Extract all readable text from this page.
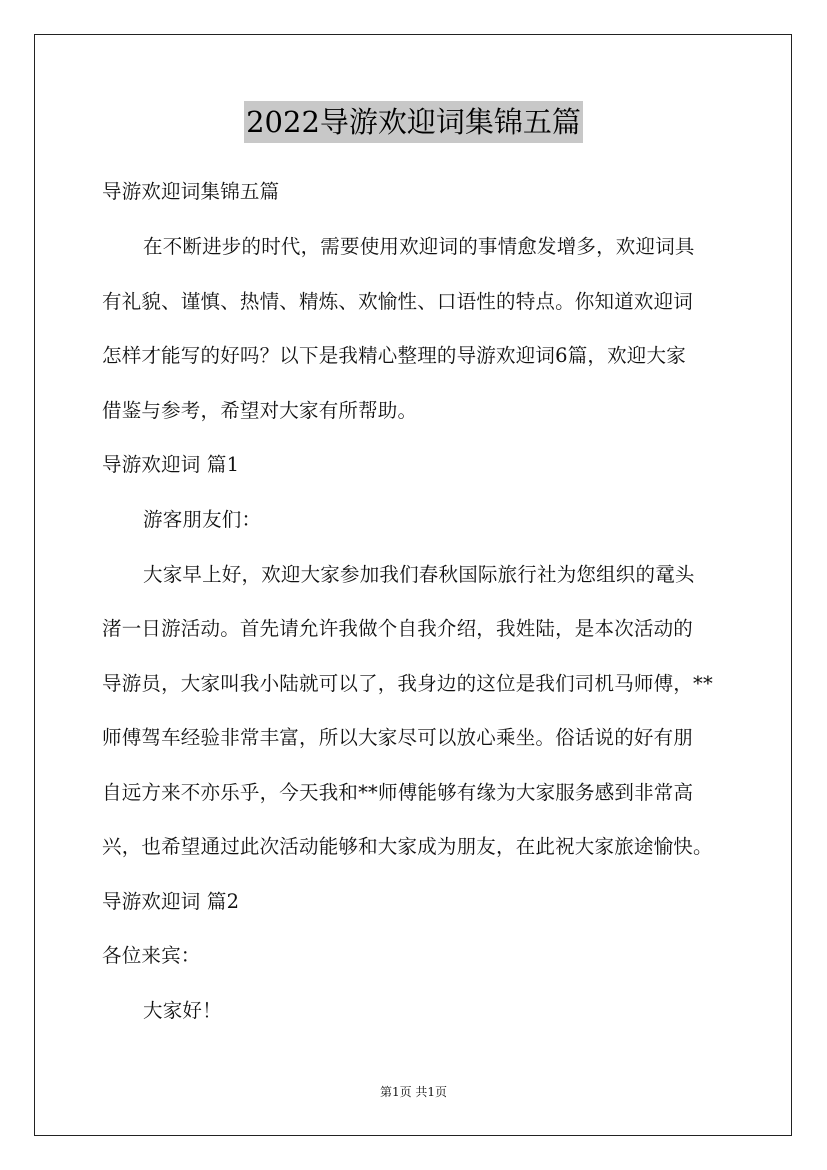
2022导游欢迎词集锦五篇
导游欢迎词集锦五篇
在不断进步的时代，需要使用欢迎词的事情愈发增多，欢迎词具
有礼貌、谨慎、热情、精炼、欢愉性、口语性的特点。你知道欢迎词
怎样才能写的好吗？以下是我精心整理的导游欢迎词6篇，欢迎大家
借鉴与参考，希望对大家有所帮助。
导游欢迎词 篇1
游客朋友们：
大家早上好，欢迎大家参加我们春秋国际旅行社为您组织的鼋头
渚一日游活动。首先请允许我做个自我介绍，我姓陆，是本次活动的
导游员，大家叫我小陆就可以了，我身边的这位是我们司机马师傅，**
师傅驾车经验非常丰富，所以大家尽可以放心乘坐。俗话说的好有朋
自远方来不亦乐乎，今天我和**师傅能够有缘为大家服务感到非常高
兴，也希望通过此次活动能够和大家成为朋友，在此祝大家旅途愉快。
导游欢迎词 篇2
各位来宾：
大家好！
第1页 共1页
